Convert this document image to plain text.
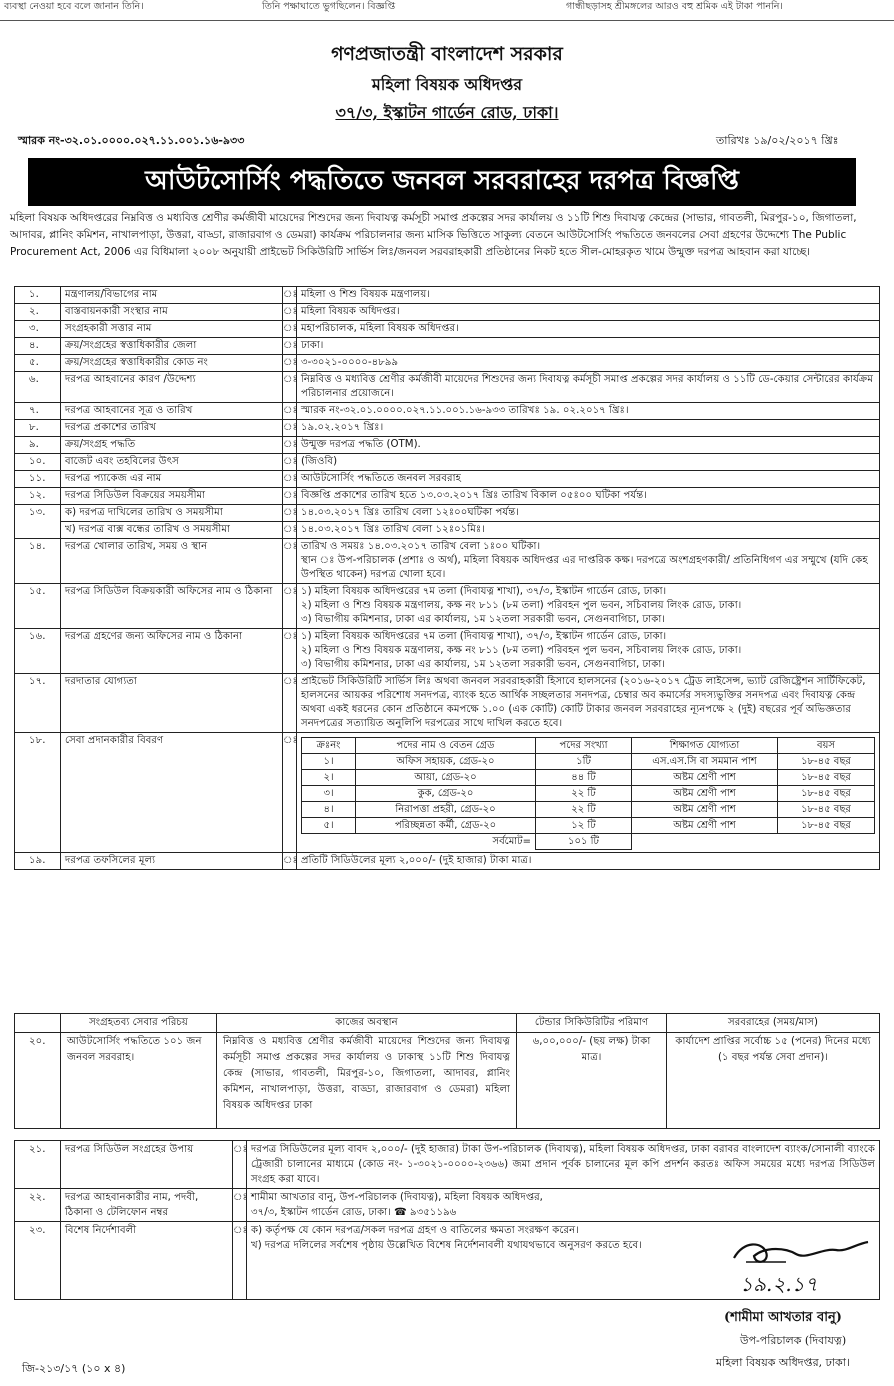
ব্যবস্থা নেওয়া হবে বলে জানান তিনি।	তিনি পক্ষাঘাতে ভুগছিলেন। বিজ্ঞপ্তি	গান্ধীছড়াসহ শ্রীমঙ্গলের আরও বহু শ্রমিক এই টাকা পাননি।
গণপ্রজাতন্ত্রী বাংলাদেশ সরকার
মহিলা বিষয়ক অধিদপ্তর
৩৭/৩, ইস্কাটন গার্ডেন রোড, ঢাকা।
স্মারক নং-৩২.০১.০০০০.০২৭.১১.০০১.১৬-৯৩৩	তারিখঃ ১৯/০২/২০১৭ খ্রিঃ
আউটসোর্সিং পদ্ধতিতে জনবল সরবরাহের দরপত্র বিজ্ঞপ্তি
মহিলা বিষয়ক অধিদপ্তরের নিম্নবিত্ত ও মধ্যবিত্ত শ্রেণীর কর্মজীবী মায়েদের শিশুদের জন্য দিবাযত্ন কর্মসূচী সমাপ্ত প্রকল্পের সদর কার্যালয় ও ১১টি শিশু দিবাযত্ন কেন্দ্রের (সাভার, গাবতলী, মিরপুর-১০, জিগাতলা, আদাবর, প্লানিং কমিশন, নাখালপাড়া, উত্তরা, বাড্ডা, রাজারবাগ ও ডেমরা) কার্যক্রম পরিচালনার জন্য মাসিক ভিত্তিতে সাকুল্য বেতনে আউটসোর্সিং পদ্ধতিতে জনবলের সেবা গ্রহণের উদ্দেশ্যে The Public Procurement Act, 2006 এর বিধিমালা ২০০৮ অনুযায়ী প্রাইভেট সিকিউরিটি সার্ভিস লিঃ/জনবল সরবরাহকারী প্রতিষ্ঠানের নিকট হতে সীল-মোহরকৃত খামে উন্মুক্ত দরপত্র আহবান করা যাচ্ছে।
১.	মন্ত্রণালয়/বিভাগের নাম	ঃ	মহিলা ও শিশু বিষয়ক মন্ত্রণালয়।
২.	বাস্তবায়নকারী সংস্থার নাম	ঃ	মহিলা বিষয়ক অধিদপ্তর।
৩.	সংগ্রহকারী সত্তার নাম	ঃ	মহাপরিচালক, মহিলা বিষয়ক অধিদপ্তর।
৪.	ক্রয়/সংগ্রহের স্বত্তাধিকারীর জেলা	ঃ	ঢাকা।
৫.	ক্রয়/সংগ্রহের স্বত্তাধিকারীর কোড নং	ঃ	৩-৩০২১-০০০০-৪৮৯৯
৬.	দরপত্র আহবানের কারণ /উদ্দেশ্য	ঃ	নিম্নবিত্ত ও মধ্যবিত্ত শ্রেণীর কর্মজীবী মায়েদের শিশুদের জন্য দিবাযত্ন কর্মসূচী সমাপ্ত প্রকল্পের সদর কার্যালয় ও ১১টি ডে-কেয়ার সেন্টারের কার্যক্রম পরিচালনার প্রয়োজনে।
৭.	দরপত্র আহবানের সূত্র ও তারিখ	ঃ	স্মারক নং-৩২.০১.০০০০.০২৭.১১.০০১.১৬-৯৩৩ তারিখঃ ১৯. ০২.২০১৭ খ্রিঃ।
৮.	দরপত্র প্রকাশের তারিখ	ঃ	১৯.০২.২০১৭ খ্রিঃ।
৯.	ক্রয়/সংগ্রহ পদ্ধতি	ঃ	উন্মুক্ত দরপত্র পদ্ধতি (OTM).
১০.	বাজেট এবং তহবিলের উৎস	ঃ	(জিওবি)
১১.	দরপত্র প্যাকেজ এর নাম	ঃ	আউটসোর্সিং পদ্ধতিতে জনবল সরবরাহ
১২.	দরপত্র সিডিউল বিক্রয়ের সময়সীমা	ঃ	বিজ্ঞপ্তি প্রকাশের তারিখ হতে ১৩.০৩.২০১৭ খ্রিঃ তারিখ বিকাল ০৫ঃ০০ ঘটিকা পর্যন্ত।
১৩.	ক) দরপত্র দাখিলের তারিখ ও সময়সীমা	ঃ	১৪.০৩.২০১৭ খ্রিঃ তারিখ বেলা ১২ঃ০০ঘটিকা পর্যন্ত।
খ) দরপত্র বাক্স বন্ধের তারিখ ও সময়সীমা	ঃ	১৪.০৩.২০১৭ খ্রিঃ তারিখ বেলা ১২ঃ০১মিঃ।
১৪.	দরপত্র খোলার তারিখ, সময় ও স্থান	ঃ	তারিখ ও সময়ঃ ১৪.০৩.২০১৭ তারিখ বেলা ১ঃ০০ ঘটিকা।
স্থান ঃ উপ-পরিচালক (প্রশাঃ ও অর্থ), মহিলা বিষয়ক অধিদপ্তর এর দাপ্তরিক কক্ষ। দরপত্রে অংশগ্রহণকারী/ প্রতিনিধিগণ এর সম্মুখে (যদি কেহ উপস্থিত থাকেন) দরপত্র খোলা হবে।

১৫.	দরপত্র সিডিউল বিক্রয়কারী অফিসের নাম ও ঠিকানা	ঃ	১) মহিলা বিষয়ক অধিদপ্তরের ৭ম তলা (দিবাযত্ন শাখা), ৩৭/৩, ইস্কাটন গার্ডেন রোড, ঢাকা।
২) মহিলা ও শিশু বিষয়ক মন্ত্রণালয়, কক্ষ নং ৮১১ (৮ম তলা) পরিবহন পুল ভবন, সচিবালয় লিংক রোড, ঢাকা।
৩) বিভাগীয় কমিশনার, ঢাকা এর কার্যালয়, ১ম ১২তলা সরকারী ভবন, সেগুনবাগিচা, ঢাকা।

১৬.	দরপত্র গ্রহণের জন্য অফিসের নাম ও ঠিকানা	ঃ	১) মহিলা বিষয়ক অধিদপ্তরের ৭ম তলা (দিবাযত্ন শাখা), ৩৭/৩, ইস্কাটন গার্ডেন রোড, ঢাকা।
২) মহিলা ও শিশু বিষয়ক মন্ত্রণালয়, কক্ষ নং ৮১১ (৮ম তলা) পরিবহন পুল ভবন, সচিবালয় লিংক রোড, ঢাকা।
৩) বিভাগীয় কমিশনার, ঢাকা এর কার্যালয়, ১ম ১২তলা সরকারী ভবন, সেগুনবাগিচা, ঢাকা।

১৭.	দরদাতার যোগ্যতা	ঃ	প্রাইভেট সিকিউরিটি সার্ভিস লিঃ অথবা জনবল সরবরাহকারী হিসাবে হালসনের (২০১৬-২০১৭ ট্রেড লাইসেন্স, ভ্যাট রেজিষ্ট্রেশন সার্টিফিকেট, হালসনের আয়কর পরিশোধ সনদপত্র, ব্যাংক হতে আর্থিক সচ্ছলতার সনদপত্র, চেম্বার অব কমার্সের সদস্যভুক্তির সনদপত্র এবং দিবাযত্ন কেন্দ্র অথবা একই ধরনের কোন প্রতিষ্ঠানে কমপক্ষে ১.০০ (এক কোটি) কোটি টাকার জনবল সরবরাহের ন্যূনপক্ষে ২ (দুই) বছরের পূর্ব অভিজ্ঞতার সনদপত্রের সত্যায়িত অনুলিপি দরপত্রের সাথে দাখিল করতে হবে।
১৮.	সেবা প্রদানকারীর বিবরণ	ঃ	ক্রঃনং	পদের নাম ও বেতন গ্রেড	পদের সংখ্যা	শিক্ষাগত যোগ্যতা	বয়স
১।	অফিস সহায়ক, গ্রেড-২০	১টি	এস.এস.সি বা সমমান পাশ	১৮-৪৫ বছর
২।	আয়া, গ্রেড-২০	৪৪ টি	অষ্টম শ্রেণী পাশ	১৮-৪৫ বছর
৩।	কুক, গ্রেড-২০	২২ টি	অষ্টম শ্রেণী পাশ	১৮-৪৫ বছর
৪।	নিরাপত্তা প্রহরী, গ্রেড-২০	২২ টি	অষ্টম শ্রেণী পাশ	১৮-৪৫ বছর
৫।	পরিচ্ছন্নতা কর্মী, গ্রেড-২০	১২ টি	অষ্টম শ্রেণী পাশ	১৮-৪৫ বছর
	সর্বমোট=	১০১ টি		

১৯.	দরপত্র তফসিলের মূল্য	ঃ	প্রতিটি সিডিউলের মূল্য ২,০০০/- (দুই হাজার) টাকা মাত্র।
	সংগ্রহতব্য সেবার পরিচয়	কাজের অবস্থান	টেন্ডার সিকিউরিটির পরিমাণ	সরবরাহের (সময়/মাস)
২০.	আউটসোর্সিং পদ্ধতিতে ১০১ জন জনবল সরবরাহ।	নিম্নবিত্ত ও মধ্যবিত্ত শ্রেণীর কর্মজীবী মায়েদের শিশুদের জন্য দিবাযত্ন কর্মসূচী সমাপ্ত প্রকল্পের সদর কার্যালয় ও ঢাকাস্থ ১১টি শিশু দিবাযত্ন কেন্দ্র (সাভার, গাবতলী, মিরপুর-১০, জিগাতলা, আদাবর, প্লানিং কমিশন, নাখালপাড়া, উত্তরা, বাড্ডা, রাজারবাগ ও ডেমরা) মহিলা বিষয়ক অধিদপ্তর ঢাকা	৬,০০,০০০/- (ছয় লক্ষ) টাকা মাত্র।	কার্যাদেশ প্রাপ্তির সর্বোচ্চ ১৫ (পনের) দিনের মধ্যে (১ বছর পর্যন্ত সেবা প্রদান)।
২১.	দরপত্র সিডিউল সংগ্রহের উপায়	ঃ	দরপত্র সিডিউলের মূল্য বাবদ ২,০০০/- (দুই হাজার) টাকা উপ-পরিচালক (দিবাযত্ন), মহিলা বিষয়ক অধিদপ্তর, ঢাকা বরাবর বাংলাদেশ ব্যাংক/সোনালী ব্যাংকে ট্রেজারী চালানের মাধ্যমে (কোড নং- ১-৩০২১-০০০০-২৩৬৬) জমা প্রদান পূর্বক চালানের মূল কপি প্রদর্শন করতঃ অফিস সময়ের মধ্যে দরপত্র সিডিউল সংগ্রহ করা যাবে।
২২.	দরপত্র আহবানকারীর নাম, পদবী, ঠিকানা ও টেলিফোন নম্বর	ঃ	শামীমা আখতার বানু, উপ-পরিচালক (দিবাযত্ন), মহিলা বিষয়ক অধিদপ্তর,
৩৭/৩, ইস্কাটন গার্ডেন রোড, ঢাকা। ☎ ৯৩৫১১৯৬

২৩.	বিশেষ নির্দেশাবলী	ঃ	ক) কর্তৃপক্ষ যে কোন দরপত্র/সকল দরপত্র গ্রহণ ও বাতিলের ক্ষমতা সংরক্ষণ করেন।
খ) দরপত্র দলিলের সর্বশেষ পৃষ্ঠায় উল্লেখিত বিশেষ নির্দেশনাবলী যথাযথভাবে অনুসরণ করতে হবে।
১৯.২.১৭
(শামীমা আখতার বানু)
উপ-পরিচালক (দিবাযত্ন)
মহিলা বিষয়ক অধিদপ্তর, ঢাকা।
জি-২১৩/১৭ (১০ x ৪)
